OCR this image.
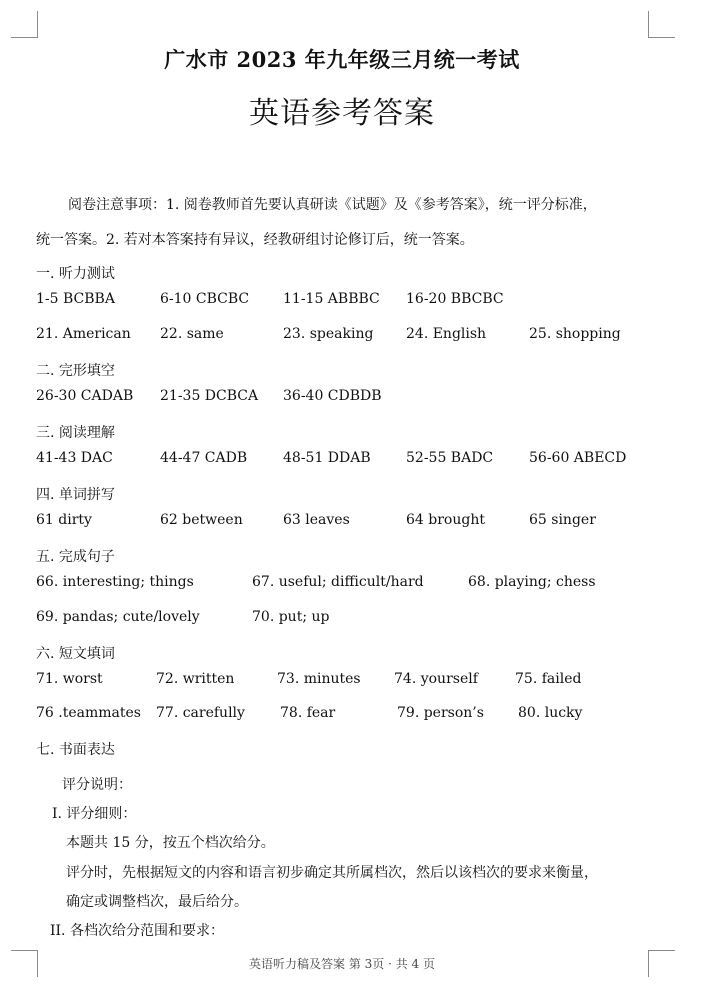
广水市 2023 年九年级三月统一考试
英语参考答案
阅卷注意事项：1. 阅卷教师首先要认真研读《试题》及《参考答案》，统一评分标准，
统一答案。2. 若对本答案持有异议，经教研组讨论修订后，统一答案。
一. 听力测试
1-5 BCBBA	6-10 CBCBC 11-15 ABBBC 16-20 BBCBC
21. American 22. same	23. speaking 24. English	25. shopping
二. 完形填空
26-30 CADAB 21-35 DCBCA 36-40 CDBDB
三. 阅读理解
41-43 DAC	44-47 CADB	48-51 DDAB	52-55 BADC	56-60 ABECD
四. 单词拼写
61 dirty	62 between	63 leaves	64 brought	65 singer
五. 完成句子
66. interesting; things	67. useful; difficult/hard	68. playing; chess
69. pandas; cute/lovely	70. put; up
六. 短文填词
71. worst	72. written	73. minutes 74. yourself	75. failed
76 .teammates 77. carefully	78. fear	79. person’s 80. lucky
七. 书面表达
评分说明：
I. 评分细则：
本题共 15 分，按五个档次给分。
评分时，先根据短文的内容和语言初步确定其所属档次，然后以该档次的要求来衡量，
确定或调整档次，最后给分。
II. 各档次给分范围和要求：
英语听力稿及答案 第 3页 · 共 4 页
